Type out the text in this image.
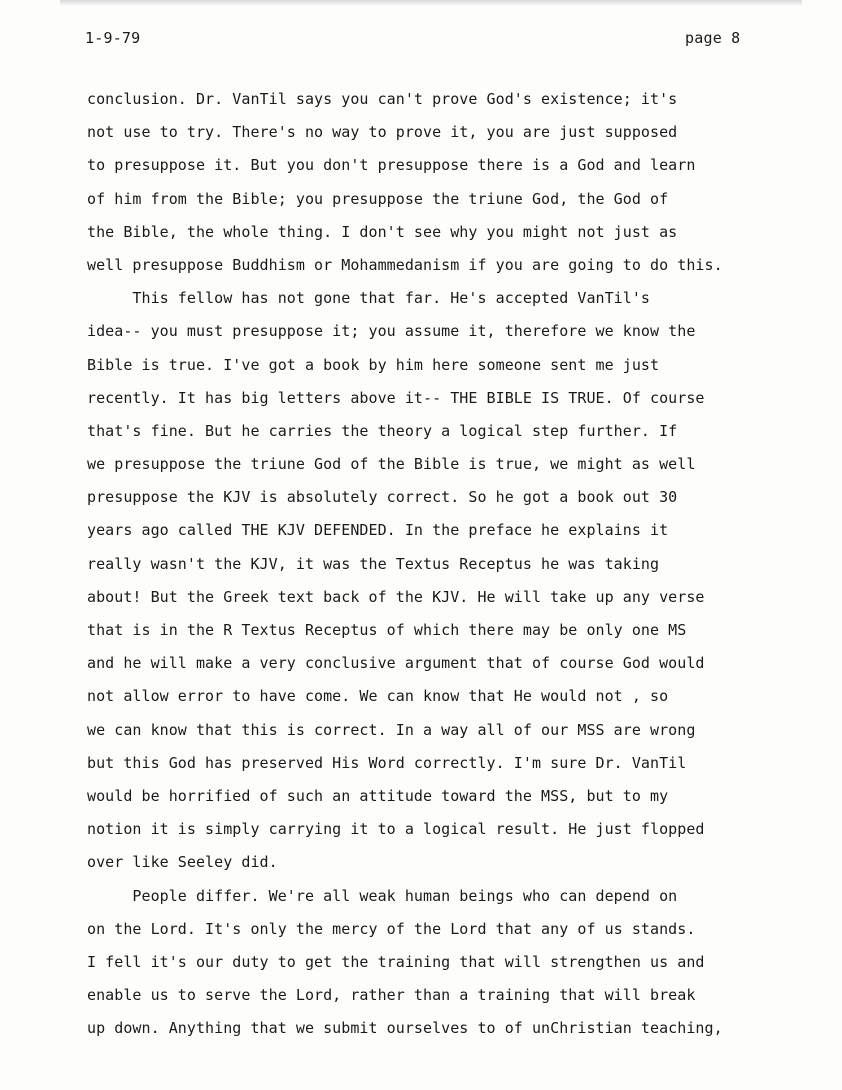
1-9-79	page 8
conclusion. Dr. VanTil says you can't prove God's existence; it's
not use to try. There's no way to prove it, you are just supposed
to presuppose it. But you don't presuppose there is a God and learn
of him from the Bible; you presuppose the triune God, the God of
the Bible, the whole thing. I don't see why you might not just as
well presuppose Buddhism or Mohammedanism if you are going to do this.
This fellow has not gone that far. He's accepted VanTil's
idea-- you must presuppose it; you assume it, therefore we know the
Bible is true. I've got a book by him here someone sent me just
recently. It has big letters above it-- THE BIBLE IS TRUE. Of course
that's fine. But he carries the theory a logical step further. If
we presuppose the triune God of the Bible is true, we might as well
presuppose the KJV is absolutely correct. So he got a book out 30
years ago called THE KJV DEFENDED. In the preface he explains it
really wasn't the KJV, it was the Textus Receptus he was taking
about! But the Greek text back of the KJV. He will take up any verse
that is in the R Textus Receptus of which there may be only one MS
and he will make a very conclusive argument that of course God would
not allow error to have come. We can know that He would not , so
we can know that this is correct. In a way all of our MSS are wrong
but this God has preserved His Word correctly. I'm sure Dr. VanTil
would be horrified of such an attitude toward the MSS, but to my
notion it is simply carrying it to a logical result. He just flopped
over like Seeley did.
People differ. We're all weak human beings who can depend on
on the Lord. It's only the mercy of the Lord that any of us stands.
I fell it's our duty to get the training that will strengthen us and
enable us to serve the Lord, rather than a training that will break
up down. Anything that we submit ourselves to of unChristian teaching,
